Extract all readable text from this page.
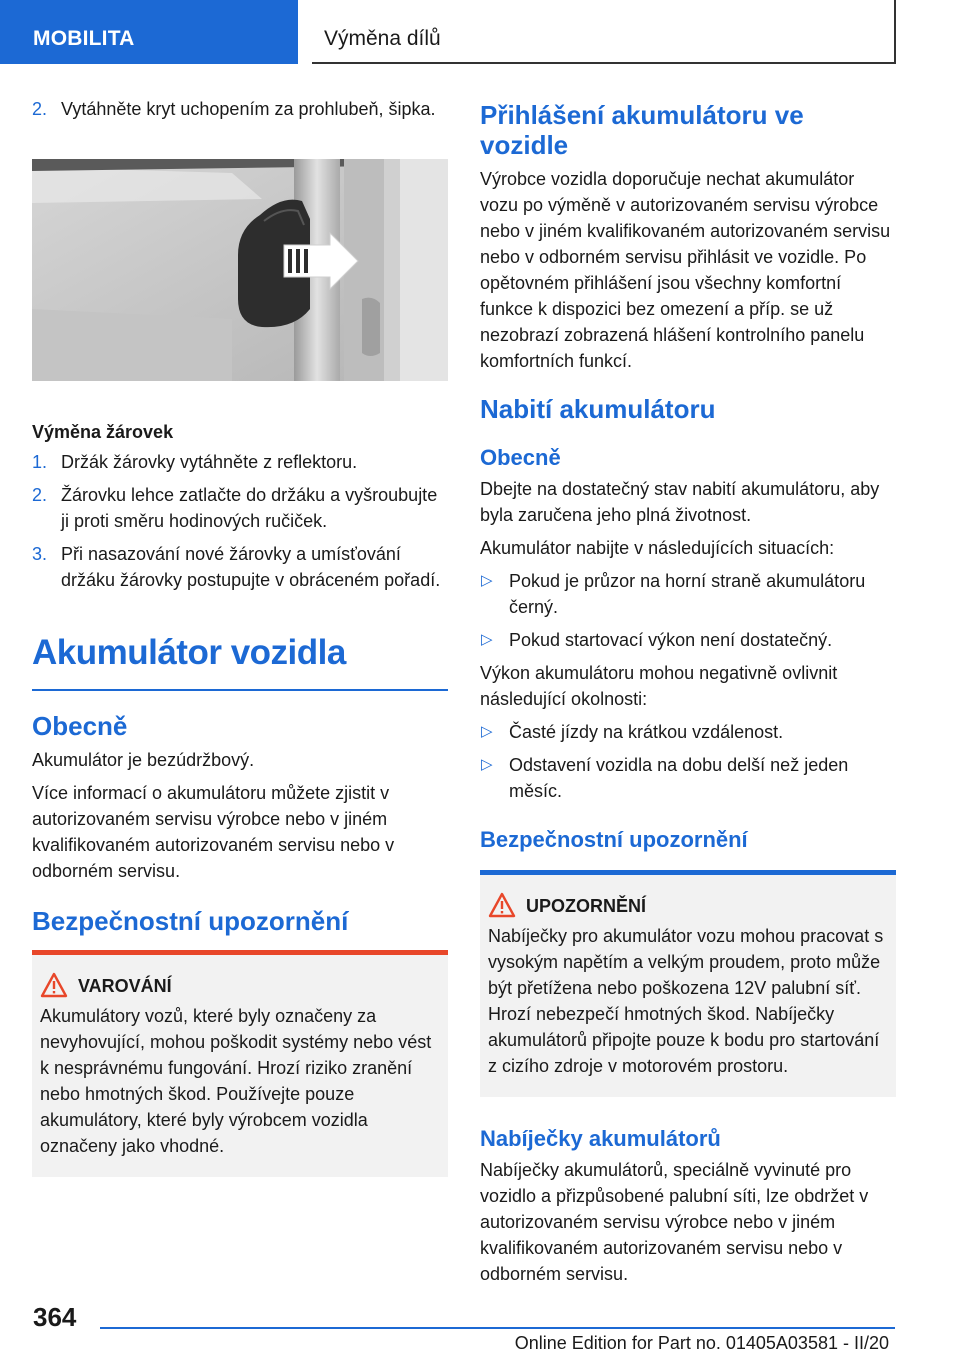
MOBILITA	Výměna dílů
2. Vytáhněte kryt uchopením za prohlubeň, šipka.
Výměna žárovek
1. Držák žárovky vytáhněte z reflektoru.
2. Žárovku lehce zatlačte do držáku a vyšroubujte ji proti směru hodinových ručiček.
3. Při nasazování nové žárovky a umísťování držáku žárovky postupujte v obráceném pořadí.
Akumulátor vozidla
Obecně

Akumulátor je bezúdržbový.

Více informací o akumulátoru můžete zjistit v autorizovaném servisu výrobce nebo v jiném kvalifikovaném autorizovaném servisu nebo v odborném servisu.

Bezpečnostní upozornění
VAROVÁNÍ
Akumulátory vozů, které byly označeny za nevyhovující, mohou poškodit systémy nebo vést k nesprávnému fungování. Hrozí riziko zranění nebo hmotných škod. Používejte pouze akumulátory, které byly výrobcem vozidla označeny jako vhodné.
Přihlášení akumulátoru ve vozidle

Výrobce vozidla doporučuje nechat akumulátor vozu po výměně v autorizovaném servisu výrobce nebo v jiném kvalifikovaném autorizovaném servisu nebo v odborném servisu přihlásit ve vozidle. Po opětovném přihlášení jsou všechny komfortní funkce k dispozici bez omezení a příp. se už nezobrazí zobrazená hlášení kontrolního panelu komfortních funkcí.

Nabití akumulátoru
Obecně

Dbejte na dostatečný stav nabití akumulátoru, aby byla zaručena jeho plná životnost.

Akumulátor nabijte v následujících situacích:

▷ Pokud je průzor na horní straně akumulátoru černý.
▷ Pokud startovací výkon není dostatečný.

Výkon akumulátoru mohou negativně ovlivnit následující okolnosti:

▷ Časté jízdy na krátkou vzdálenost.
▷ Odstavení vozidla na dobu delší než jeden měsíc.
Bezpečnostní upozornění
UPOZORNĚNÍ
Nabíječky pro akumulátor vozu mohou pracovat s vysokým napětím a velkým proudem, proto může být přetížena nebo poškozena 12V palubní síť. Hrozí nebezpečí hmotných škod. Nabíječky akumulátorů připojte pouze k bodu pro startování z cizího zdroje v motorovém prostoru.
Nabíječky akumulátorů

Nabíječky akumulátorů, speciálně vyvinuté pro vozidlo a přizpůsobené palubní síti, lze obdržet v autorizovaném servisu výrobce nebo v jiném kvalifikovaném autorizovaném servisu nebo v odborném servisu.

364
Online Edition for Part no. 01405A03581 - II/20
